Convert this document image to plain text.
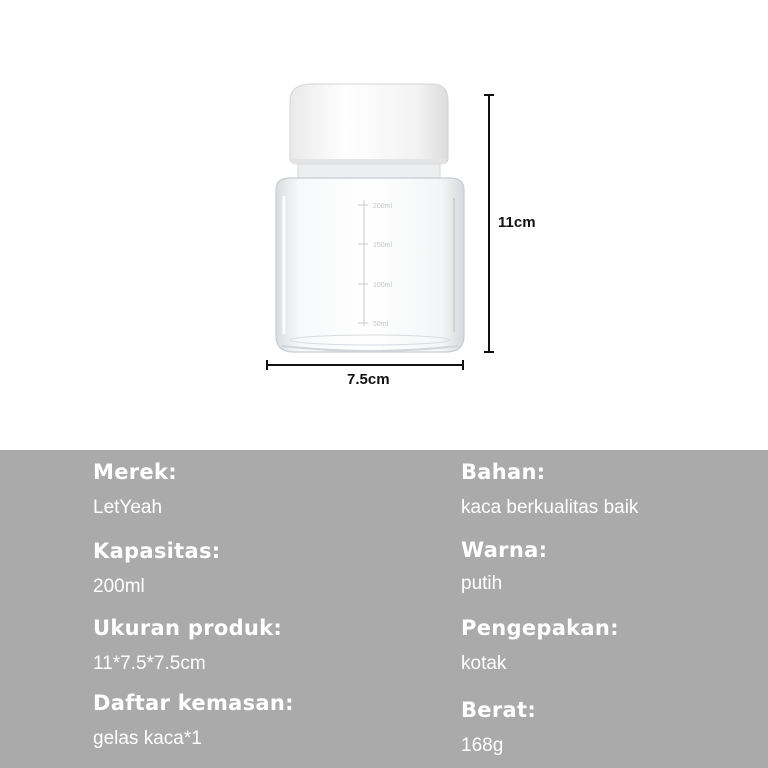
200ml
150ml
100ml
50ml
11cm
7.5cm
Merek:
LetYeah
Kapasitas:
200ml
Ukuran produk:
11*7.5*7.5cm
Daftar kemasan:
gelas kaca*1
Bahan:
kaca berkualitas baik
Warna:
putih
Pengepakan:
kotak
Berat:
168g
